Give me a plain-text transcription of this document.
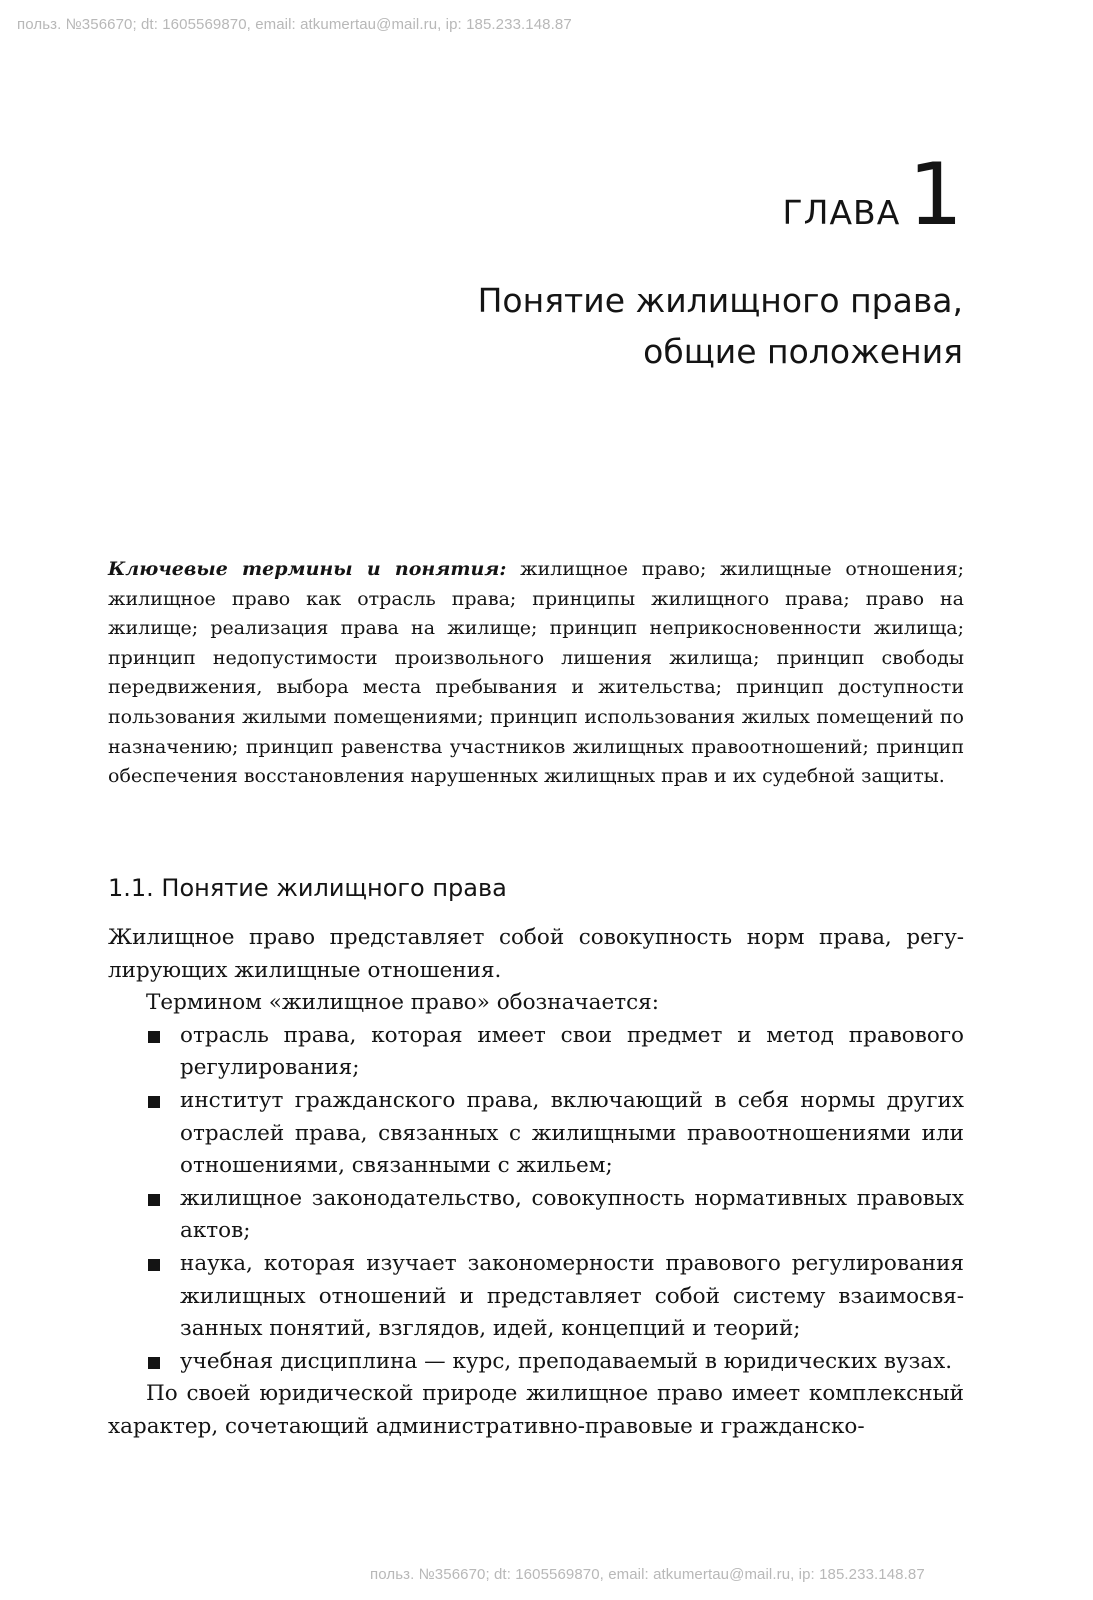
польз. №356670; dt: 1605569870, email: atkumertau@mail.ru, ip: 185.233.148.87
ГЛАВА1
Понятие жилищного права,
общие положения
Ключевые термины и понятия: жилищное право; жилищные отношения; жилищное право как отрасль права; принципы жилищного права; право на жилище; реализация права на жилище; принцип неприкосновенности жилища; принцип недопустимости произвольного лишения жилища; принцип свободы передвижения, выбора места пребывания и жительства; принцип доступности пользования жилыми помещениями; принцип использования жилых помещений по назначению; принцип равенства участников жилищных правоотношений; принцип обеспечения восстановления нарушенных жилищных прав и их судебной защиты.
1.1. Понятие жилищного права

Жилищное право представляет собой совокупность норм права, регулирующих жилищные отношения.

Термином «жилищное право» обозначается:

отрасль права, которая имеет свои предмет и метод правового регулирования;
институт гражданского права, включающий в себя нормы других отраслей права, связанных с жилищными правоотношениями или отношениями, связанными с жильем;
жилищное законодательство, совокупность нормативных правовых актов;
наука, которая изучает закономерности правового регулирования жилищных отношений и представляет собой систему взаимосвязанных понятий, взглядов, идей, концепций и теорий;
учебная дисциплина — курс, преподаваемый в юридических вузах.

По своей юридической природе жилищное право имеет комплексный характер, сочетающий административно-правовые и гражданско-

польз. №356670; dt: 1605569870, email: atkumertau@mail.ru, ip: 185.233.148.87
